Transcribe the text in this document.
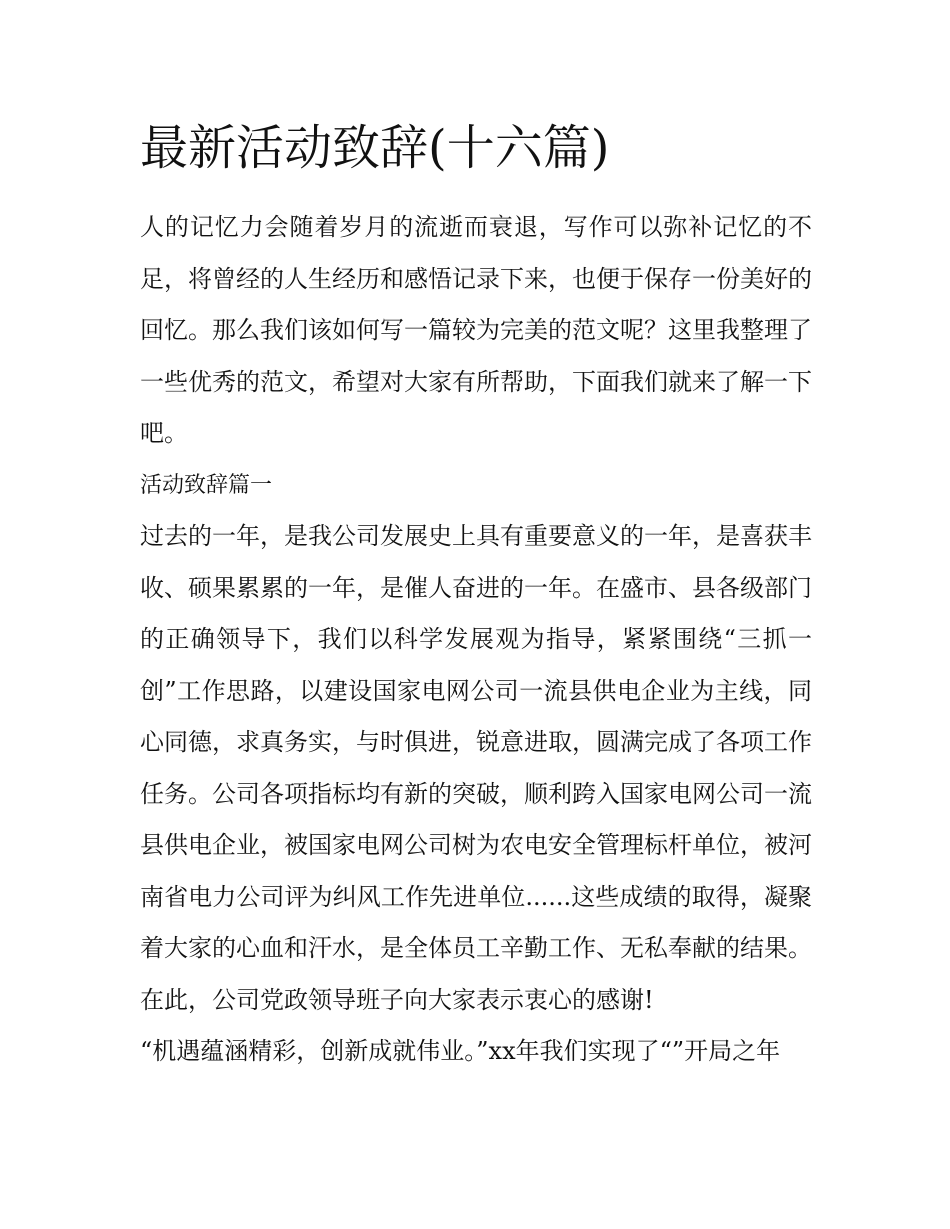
最新活动致辞(十六篇)

人的记忆力会随着岁月的流逝而衰退，写作可以弥补记忆的不足，将曾经的人生经历和感悟记录下来，也便于保存一份美好的回忆。那么我们该如何写一篇较为完美的范文呢？这里我整理了一些优秀的范文，希望对大家有所帮助，下面我们就来了解一下吧。

活动致辞篇一

过去的一年，是我公司发展史上具有重要意义的一年，是喜获丰收、硕果累累的一年，是催人奋进的一年。在盛市、县各级部门的正确领导下，我们以科学发展观为指导，紧紧围绕“三抓一创”工作思路，以建设国家电网公司一流县供电企业为主线，同心同德，求真务实，与时俱进，锐意进取，圆满完成了各项工作任务。公司各项指标均有新的突破，顺利跨入国家电网公司一流县供电企业，被国家电网公司树为农电安全管理标杆单位，被河南省电力公司评为纠风工作先进单位......这些成绩的取得，凝聚着大家的心血和汗水，是全体员工辛勤工作、无私奉献的结果。在此，公司党政领导班子向大家表示衷心的感谢!

“机遇蕴涵精彩，创新成就伟业。”xx年我们实现了“”开局之年
